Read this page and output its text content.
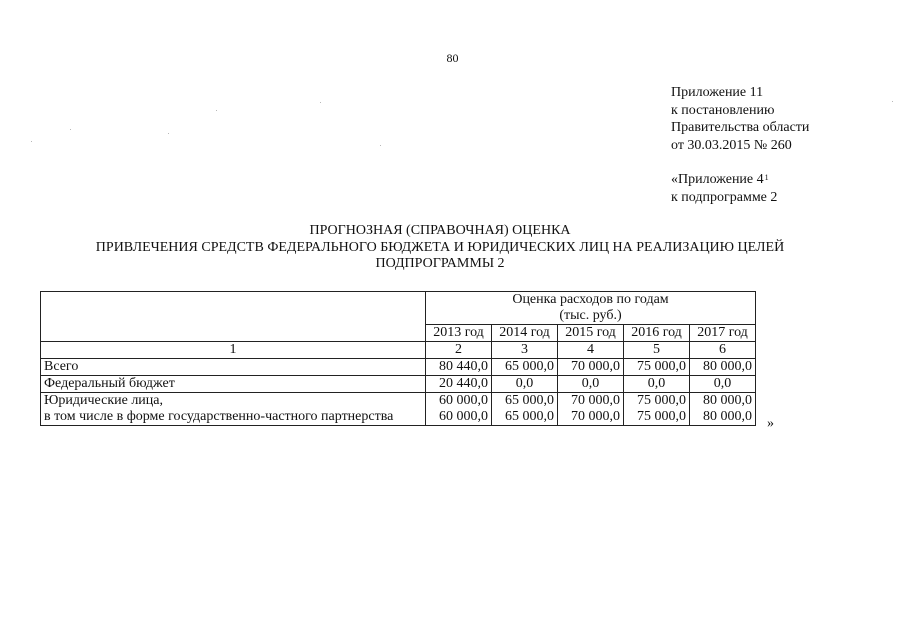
80
Приложение 11
к постановлению
Правительства области
от 30.03.2015 № 260
«Приложение $4^1$
к подпрограмме 2
ПРОГНОЗНАЯ (СПРАВОЧНАЯ) ОЦЕНКА
ПРИВЛЕЧЕНИЯ СРЕДСТВ ФЕДЕРАЛЬНОГО БЮДЖЕТА И ЮРИДИЧЕСКИХ ЛИЦ НА РЕАЛИЗАЦИЮ ЦЕЛЕЙ
ПОДПРОГРАММЫ 2
	Оценка расходов по годам				
	(тыс. руб.)				
	2013 год	2014 год	2015 год	2016 год	2017 год
1	2	3	4	5	6
Всего	80 440,0	65 000,0	70 000,0	75 000,0	80 000,0
Федеральный бюджет	20 440,0	0,0	0,0	0,0	0,0
Юридические лица,	60 000,0	65 000,0	70 000,0	75 000,0	80 000,0
в том числе в форме государственно-частного партнерства	60 000,0	65 000,0	70 000,0	75 000,0	80 000,0 »
